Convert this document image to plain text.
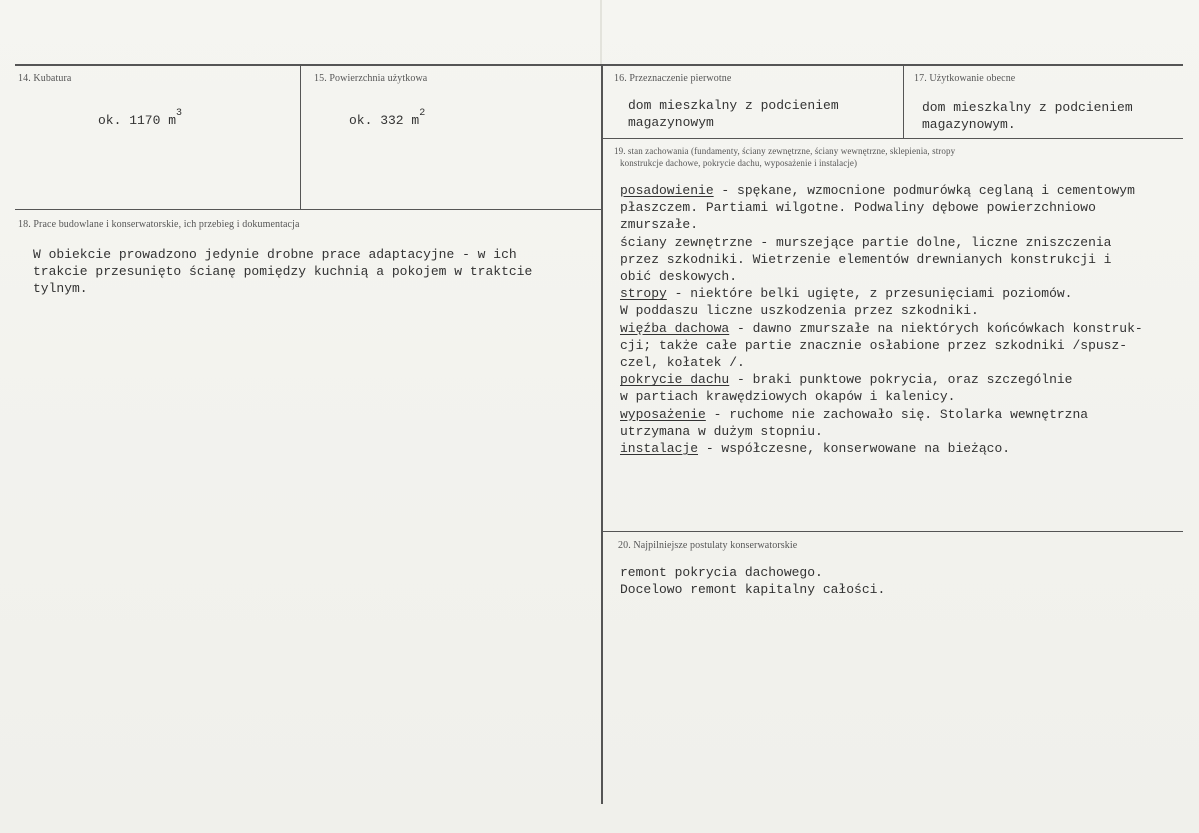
14. Kubatura
ok. 1170 $m^3$
15. Powierzchnia użytkowa
ok. 332 $m^2$
16. Przeznaczenie pierwotne

dom mieszkalny z podcieniem

magazynowym

17. Użytkowanie obecne

dom mieszkalny z podcieniem

magazynowym.

18. Prace budowlane i konserwatorskie, ich przebieg i dokumentacja

W obiekcie prowadzono jedynie drobne prace adaptacyjne - w ich

trakcie przesunięto ścianę pomiędzy kuchnią a pokojem w traktcie

tylnym.

19. stan zachowania (fundamenty, ściany zewnętrzne, ściany wewnętrzne, sklepienia, stropy
konstrukcje dachowe, pokrycie dachu, wyposażenie i instalacje)

posadowienie - spękane, wzmocnione podmurówką ceglaną i cementowym

płaszczem. Partiami wilgotne. Podwaliny dębowe powierzchniowo

zmurszałe.

ściany zewnętrzne - murszejące partie dolne, liczne zniszczenia

przez szkodniki. Wietrzenie elementów drewnianych konstrukcji i

obić deskowych.

stropy - niektóre belki ugięte, z przesunięciami poziomów.

W poddaszu liczne uszkodzenia przez szkodniki.

więźba dachowa - dawno zmurszałe na niektórych końcówkach konstruk-

cji; także całe partie znacznie osłabione przez szkodniki /spusz-

czel, kołatek /.

pokrycie dachu - braki punktowe pokrycia, oraz szczególnie

w partiach krawędziowych okapów i kalenicy.

wyposażenie - ruchome nie zachowało się. Stolarka wewnętrzna

utrzymana w dużym stopniu.

instalacje - współczesne, konserwowane na bieżąco.

20. Najpilniejsze postulaty konserwatorskie

remont pokrycia dachowego.

Docelowo remont kapitalny całości.
